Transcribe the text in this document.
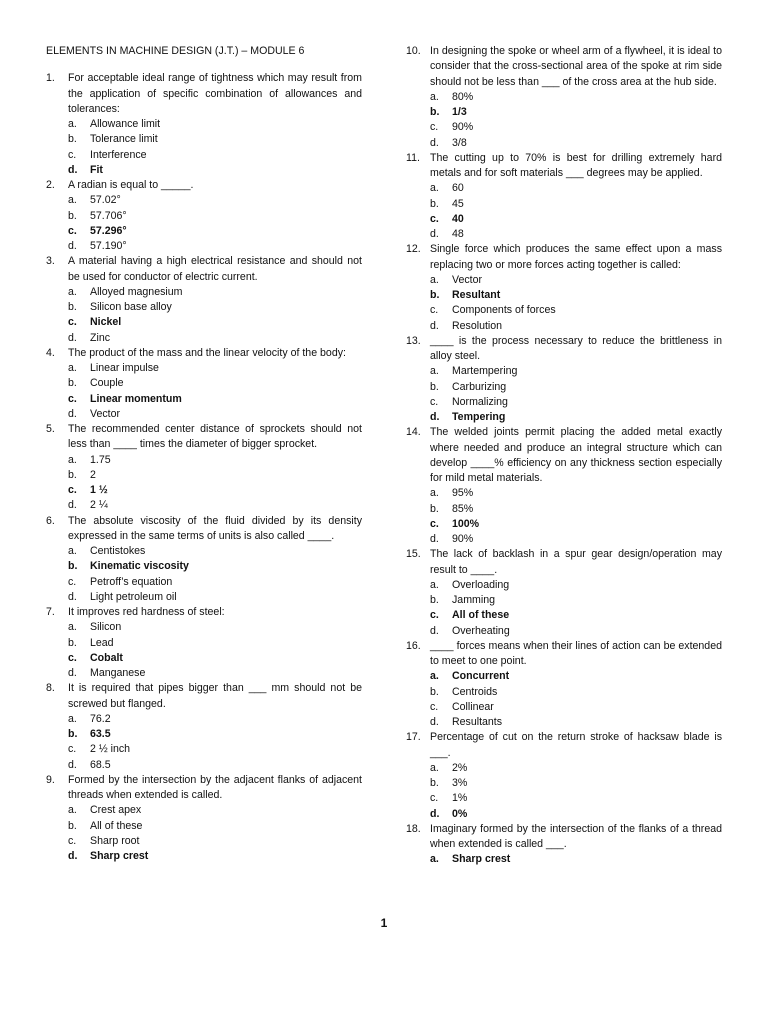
ELEMENTS IN MACHINE DESIGN (J.T.) – MODULE 6
1.	For acceptable ideal range of tightness which may result from the application of specific combination of allowances and tolerances:
a.	Allowance limit
b.	Tolerance limit
c.	Interference
d.	Fit
2.	A radian is equal to _____.
a.	57.02°
b.	57.706°
c.	57.296°
d.	57.190°
3.	A material having a high electrical resistance and should not be used for conductor of electric current.
a.	Alloyed magnesium
b.	Silicon base alloy
c.	Nickel
d.	Zinc
4.	The product of the mass and the linear velocity of the body:
a.	Linear impulse
b.	Couple
c.	Linear momentum
d.	Vector
5.	The recommended center distance of sprockets should not less than ____ times the diameter of bigger sprocket.
a.	1.75
b.	2
c.	1 ½
d.	2 ¼
6.	The absolute viscosity of the fluid divided by its density expressed in the same terms of units is also called ____.
a.	Centistokes
b.	Kinematic viscosity
c.	Petroff’s equation
d.	Light petroleum oil
7.	It improves red hardness of steel:
a.	Silicon
b.	Lead
c.	Cobalt
d.	Manganese
8.	It is required that pipes bigger than ___ mm should not be screwed but flanged.
a.	76.2
b.	63.5
c.	2 ½ inch
d.	68.5
9.	Formed by the intersection by the adjacent flanks of adjacent threads when extended is called.
a.	Crest apex
b.	All of these
c.	Sharp root
d.	Sharp crest
10. In designing the spoke or wheel arm of a flywheel, it is ideal to consider that the cross-sectional area of the spoke at rim side should not be less than ___ of the cross area at the hub side.
a.	80%
b.	1/3
c.	90%
d.	3/8
11. The cutting up to 70% is best for drilling extremely hard metals and for soft materials ___ degrees may be applied.
a.	60
b.	45
c.	40
d.	48
12. Single force which produces the same effect upon a mass replacing two or more forces acting together is called:
a.	Vector
b.	Resultant
c.	Components of forces
d.	Resolution
13. ____ is the process necessary to reduce the brittleness in alloy steel.
a.	Martempering
b.	Carburizing
c.	Normalizing
d.	Tempering
14. The welded joints permit placing the added metal exactly where needed and produce an integral structure which can develop ____% efficiency on any thickness section especially for mild metal materials.
a.	95%
b.	85%
c.	100%
d.	90%
15. The lack of backlash in a spur gear design/operation may result to ____.
a.	Overloading
b.	Jamming
c.	All of these
d.	Overheating
16. ____ forces means when their lines of action can be extended to meet to one point.
a.	Concurrent
b.	Centroids
c.	Collinear
d.	Resultants
17. Percentage of cut on the return stroke of hacksaw blade is ___.
a.	2%
b.	3%
c.	1%
d.	0%
18. Imaginary formed by the intersection of the flanks of a thread when extended is called ___.
a.	Sharp crest
1
